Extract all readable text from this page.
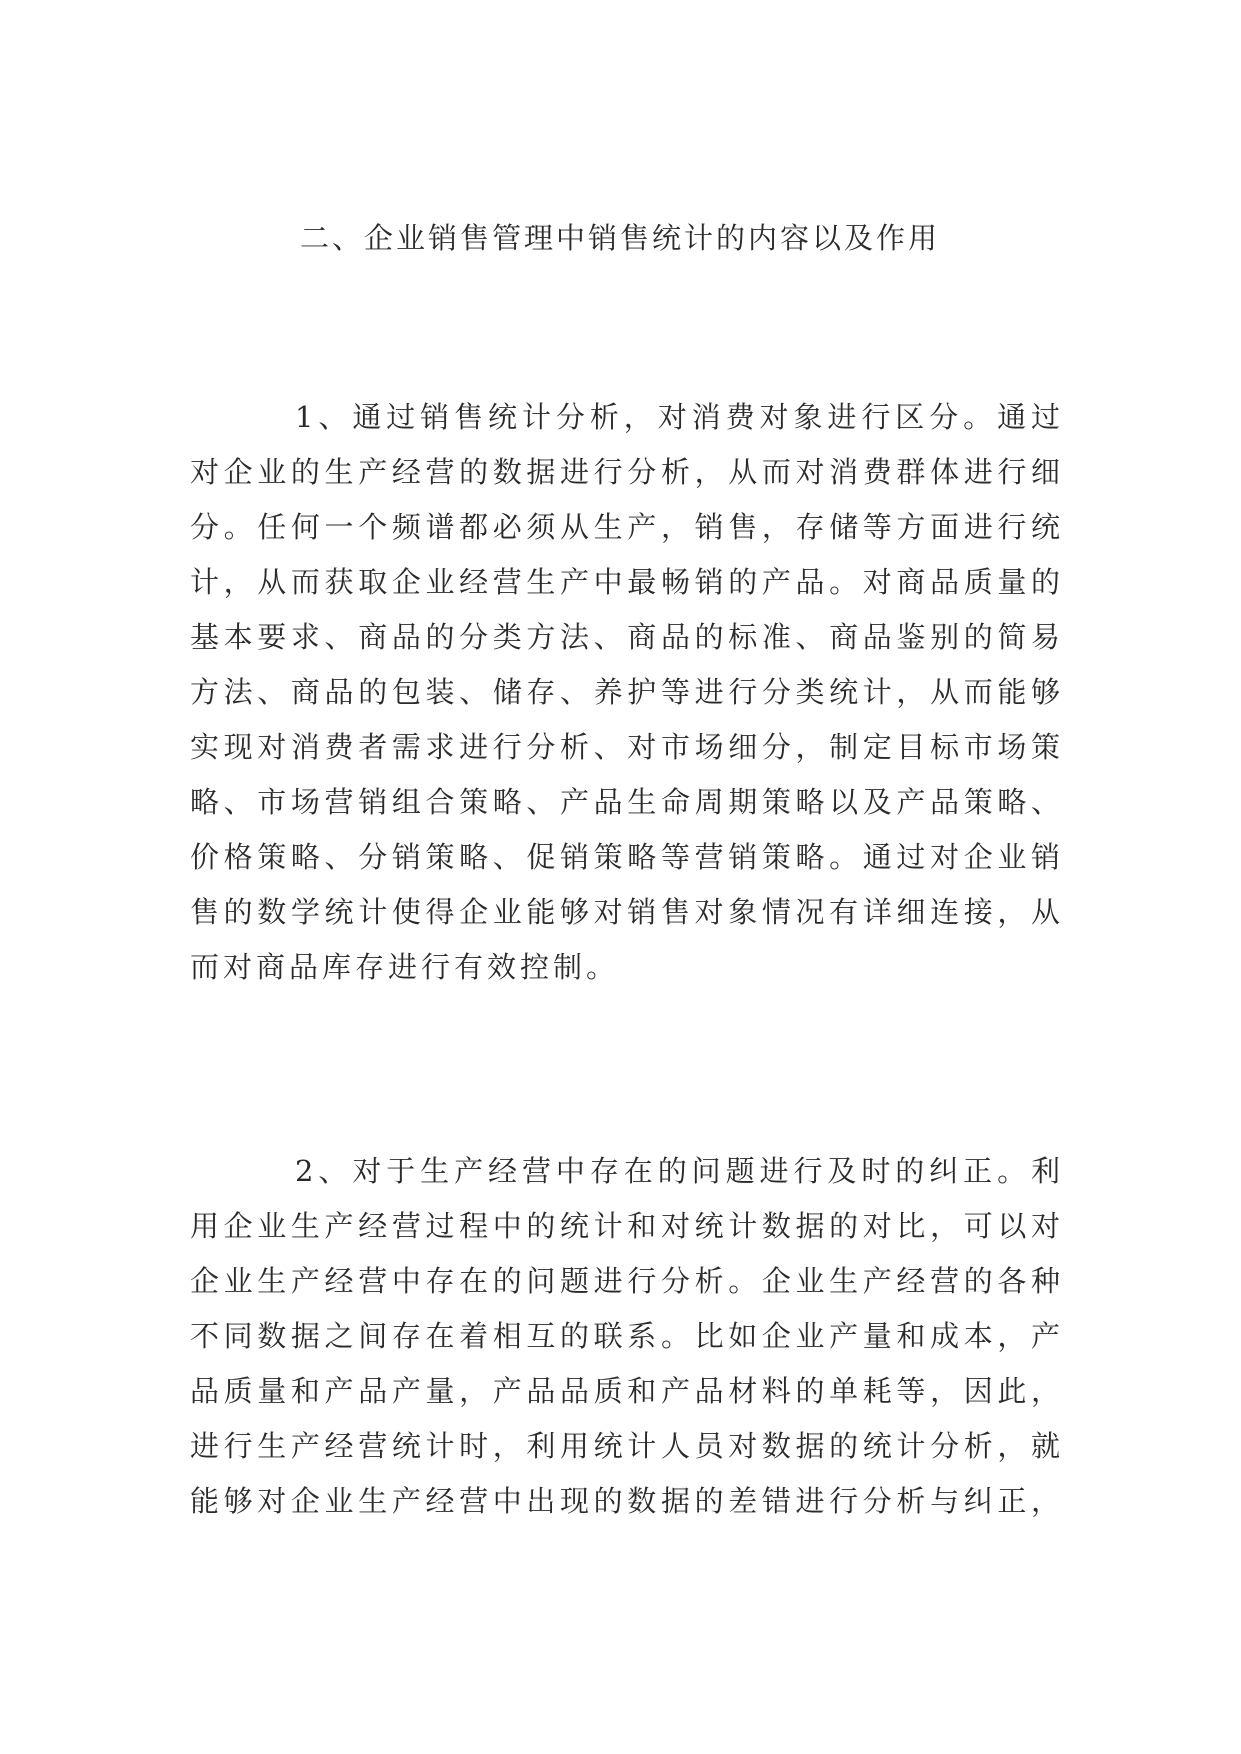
二、企业销售管理中销售统计的内容以及作用
1、通过销售统计分析，对消费对象进行区分。通过
对企业的生产经营的数据进行分析，从而对消费群体进行细
分。任何一个频谱都必须从生产，销售，存储等方面进行统
计，从而获取企业经营生产中最畅销的产品。对商品质量的
基本要求、商品的分类方法、商品的标准、商品鉴别的简易
方法、商品的包装、储存、养护等进行分类统计，从而能够
实现对消费者需求进行分析、对市场细分，制定目标市场策
略、市场营销组合策略、产品生命周期策略以及产品策略、
价格策略、分销策略、促销策略等营销策略。通过对企业销
售的数学统计使得企业能够对销售对象情况有详细连接，从
而对商品库存进行有效控制。
2、对于生产经营中存在的问题进行及时的纠正。利
用企业生产经营过程中的统计和对统计数据的对比，可以对
企业生产经营中存在的问题进行分析。企业生产经营的各种
不同数据之间存在着相互的联系。比如企业产量和成本，产
品质量和产品产量，产品品质和产品材料的单耗等，因此，
进行生产经营统计时，利用统计人员对数据的统计分析，就
能够对企业生产经营中出现的数据的差错进行分析与纠正，
